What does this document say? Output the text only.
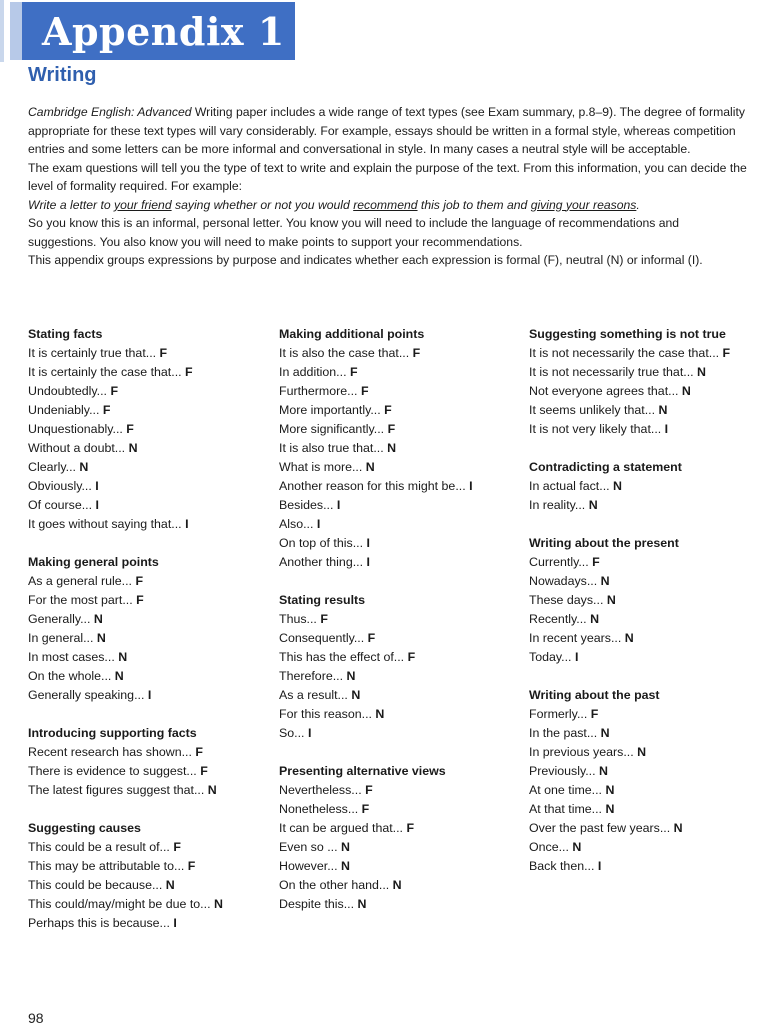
Appendix 1
Writing

Cambridge English: Advanced Writing paper includes a wide range of text types (see Exam summary, p.8–9). The degree of formality appropriate for these text types will vary considerably. For example, essays should be written in a formal style, whereas competition entries and some letters can be more informal and conversational in style. In many cases a neutral style will be acceptable.

The exam questions will tell you the type of text to write and explain the purpose of the text. From this information, you can decide the level of formality required. For example:

Write a letter to your friend saying whether or not you would recommend this job to them and giving your reasons.

So you know this is an informal, personal letter. You know you will need to include the language of recommendations and suggestions. You also know you will need to make points to support your recommendations.

This appendix groups expressions by purpose and indicates whether each expression is formal (F), neutral (N) or informal (I).

Stating facts
It is certainly true that... F
It is certainly the case that... F
Undoubtedly... F
Undeniably... F
Unquestionably... F
Without a doubt... N
Clearly... N
Obviously... I
Of course... I
It goes without saying that... I
Making general points
As a general rule... F
For the most part... F
Generally... N
In general... N
In most cases... N
On the whole... N
Generally speaking... I
Introducing supporting facts
Recent research has shown... F
There is evidence to suggest... F
The latest figures suggest that... N
Suggesting causes
This could be a result of... F
This may be attributable to... F
This could be because... N
This could/may/might be due to... N
Perhaps this is because... I
Making additional points
It is also the case that... F
In addition... F
Furthermore... F
More importantly... F
More significantly... F
It is also true that... N
What is more... N
Another reason for this might be... I
Besides... I
Also... I
On top of this... I
Another thing... I
Stating results
Thus... F
Consequently... F
This has the effect of... F
Therefore... N
As a result... N
For this reason... N
So... I
Presenting alternative views
Nevertheless... F
Nonetheless... F
It can be argued that... F
Even so ... N
However... N
On the other hand... N
Despite this... N
Suggesting something is not true
It is not necessarily the case that... F
It is not necessarily true that... N
Not everyone agrees that... N
It seems unlikely that... N
It is not very likely that... I
Contradicting a statement
In actual fact... N
In reality... N
Writing about the present
Currently... F
Nowadays... N
These days... N
Recently... N
In recent years... N
Today... I
Writing about the past
Formerly... F
In the past... N
In previous years... N
Previously... N
At one time... N
At that time... N
Over the past few years... N
Once... N
Back then... I
98
